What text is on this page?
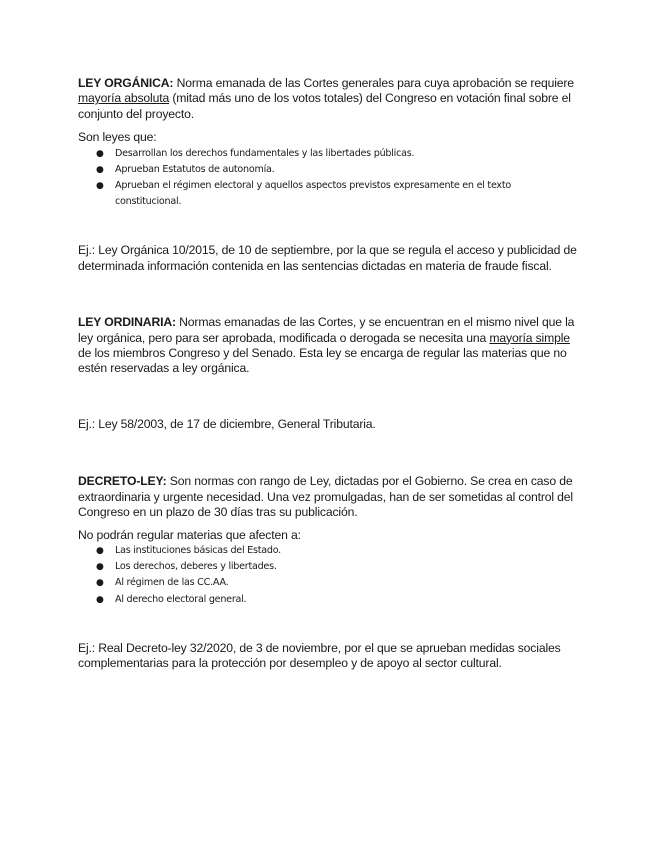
LEY ORGÁNICA: Norma emanada de las Cortes generales para cuya aprobación se requiere mayoría absoluta (mitad más uno de los votos totales) del Congreso en votación final sobre el conjunto del proyecto.

Son leyes que:

● Desarrollan los derechos fundamentales y las libertades públicas.
● Aprueban Estatutos de autonomía.
● Aprueban el régimen electoral y aquellos aspectos previstos expresamente en el texto constitucional.

Ej.: Ley Orgánica 10/2015, de 10 de septiembre, por la que se regula el acceso y publicidad de determinada información contenida en las sentencias dictadas en materia de fraude fiscal.

LEY ORDINARIA: Normas emanadas de las Cortes, y se encuentran en el mismo nivel que la ley orgánica, pero para ser aprobada, modificada o derogada se necesita una mayoría simple de los miembros Congreso y del Senado. Esta ley se encarga de regular las materias que no estén reservadas a ley orgánica.

Ej.: Ley 58/2003, de 17 de diciembre, General Tributaria.

DECRETO-LEY: Son normas con rango de Ley, dictadas por el Gobierno. Se crea en caso de extraordinaria y urgente necesidad. Una vez promulgadas, han de ser sometidas al control del Congreso en un plazo de 30 días tras su publicación.

No podrán regular materias que afecten a:

● Las instituciones básicas del Estado.
● Los derechos, deberes y libertades.
● Al régimen de las CC.AA.
● Al derecho electoral general.

Ej.: Real Decreto-ley 32/2020, de 3 de noviembre, por el que se aprueban medidas sociales complementarias para la protección por desempleo y de apoyo al sector cultural.
